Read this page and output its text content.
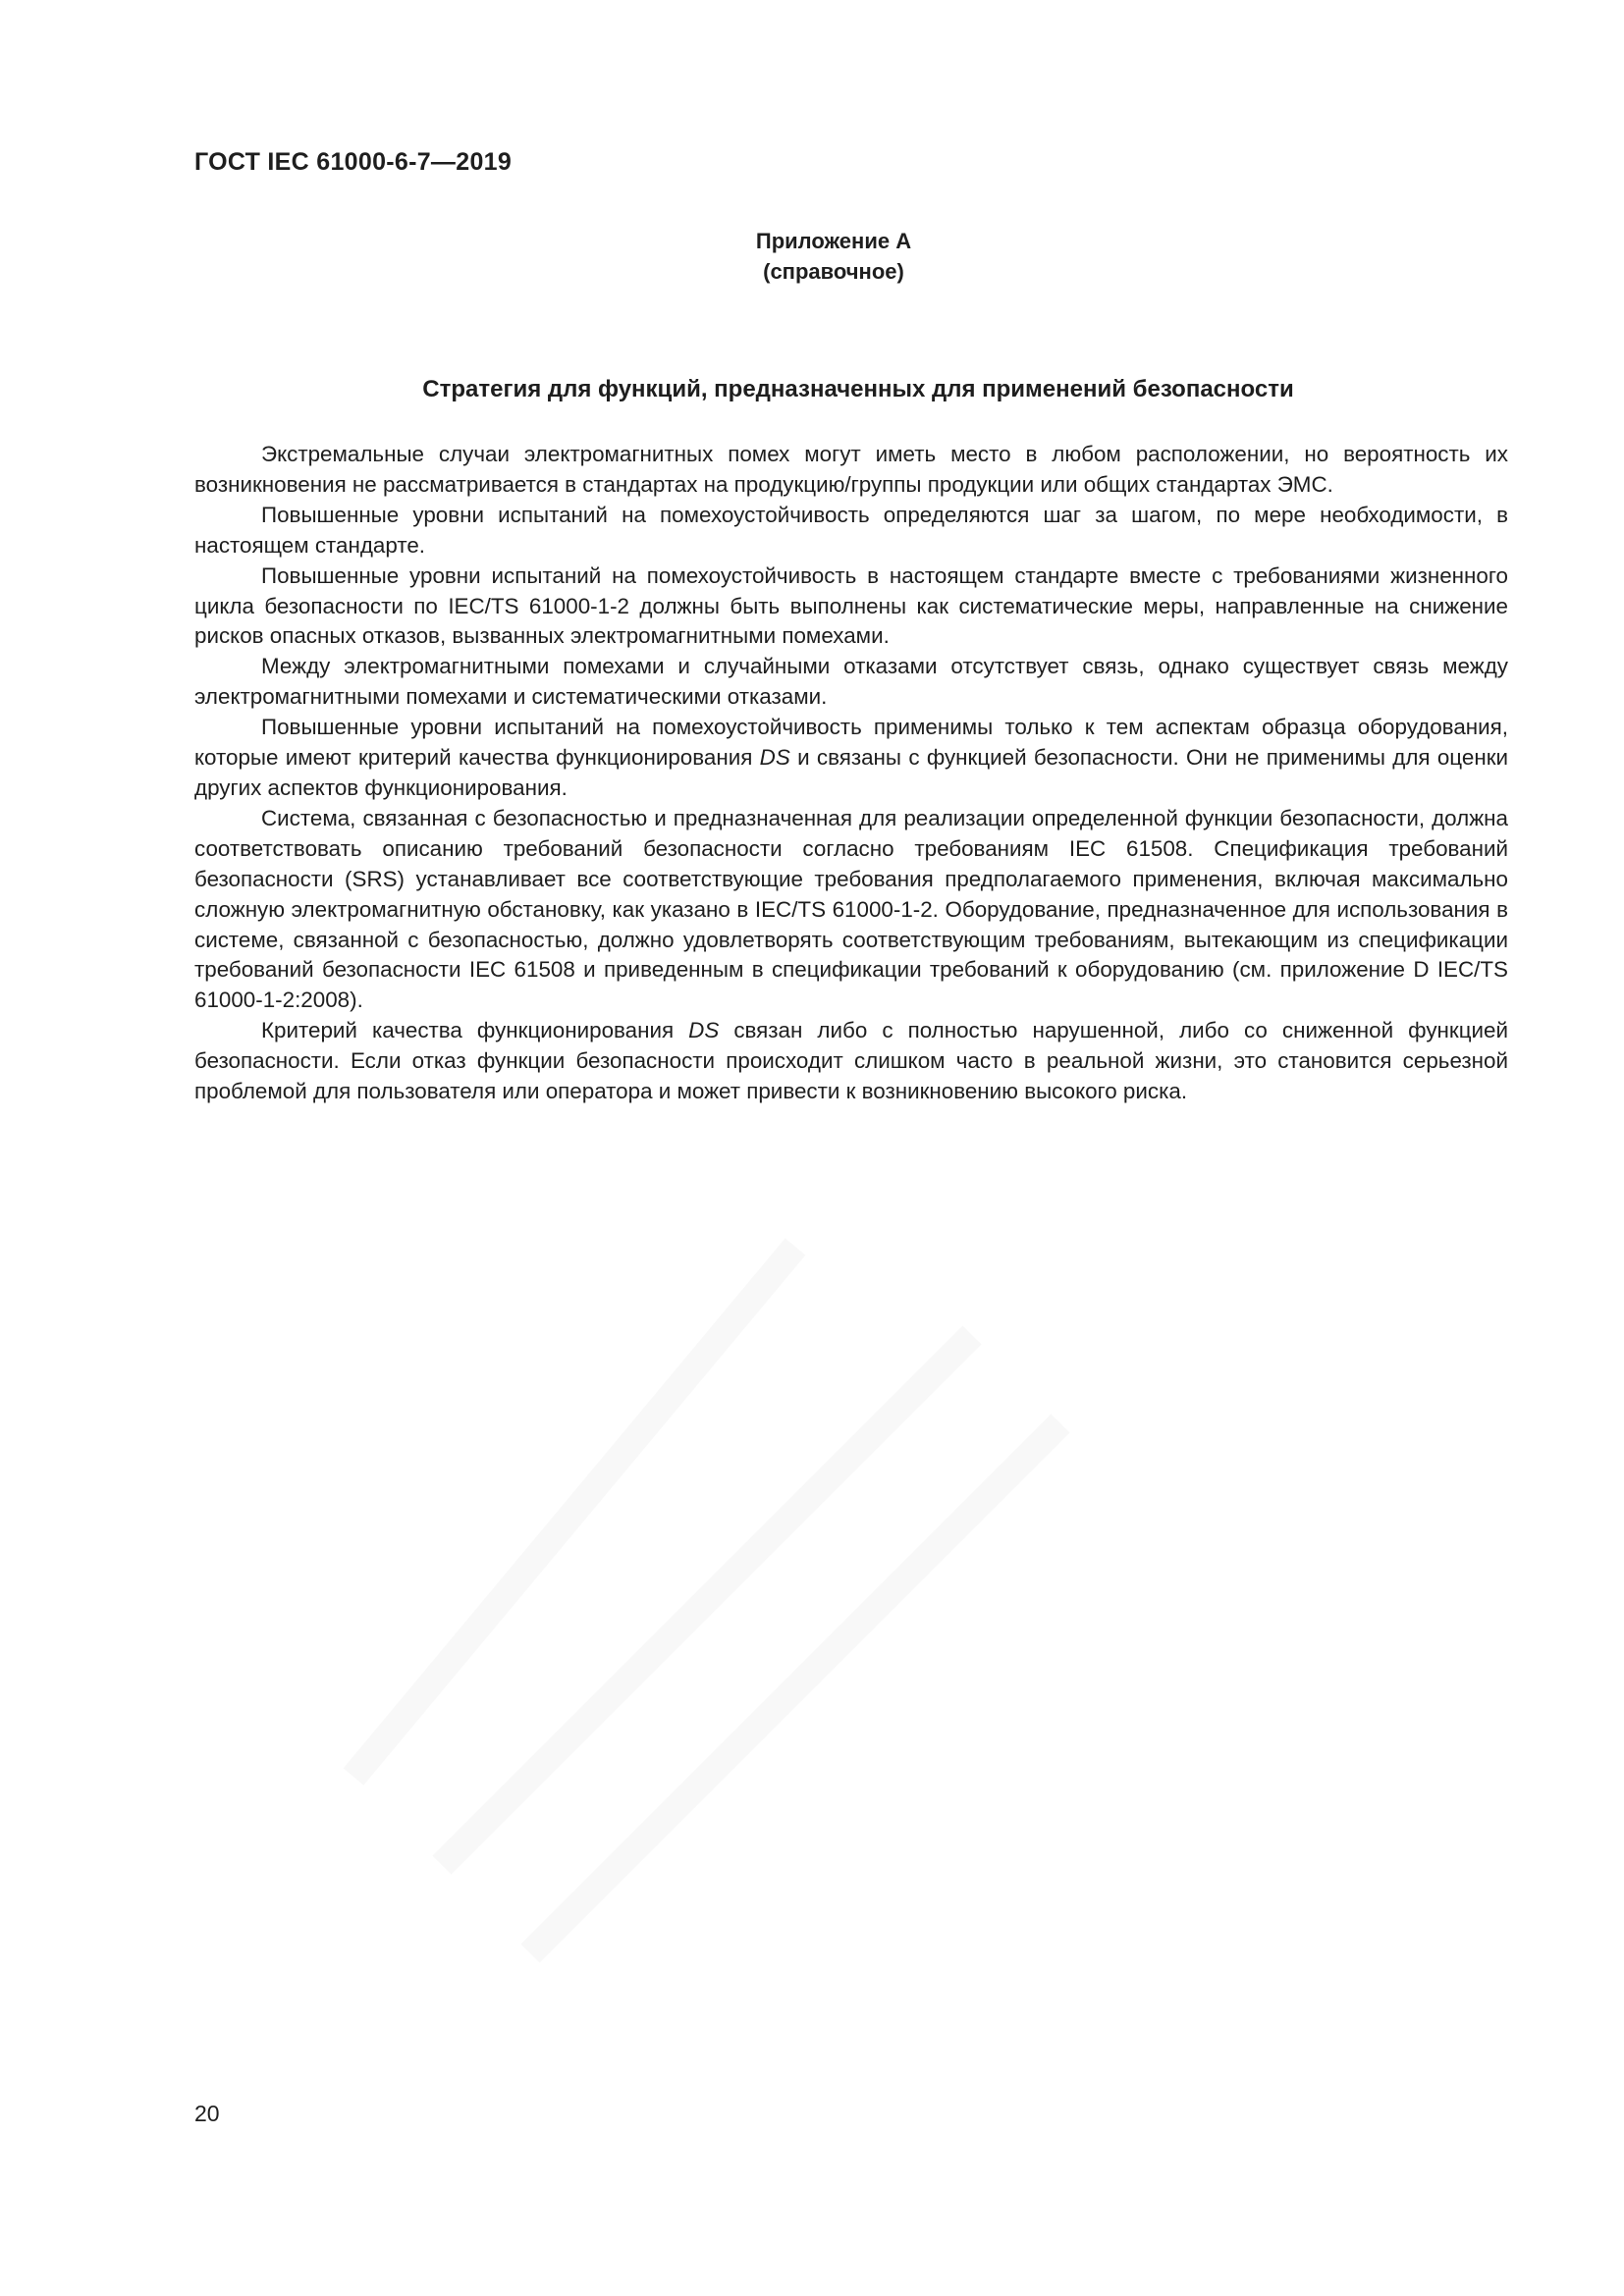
ГОСТ IEC 61000-6-7—2019
Приложение А
(справочное)
Стратегия для функций, предназначенных для применений безопасности

Экстремальные случаи электромагнитных помех могут иметь место в любом расположении, но вероятность их возникновения не рассматривается в стандартах на продукцию/группы продукции или общих стандартах ЭМС.

Повышенные уровни испытаний на помехоустойчивость определяются шаг за шагом, по мере необходимости, в настоящем стандарте.

Повышенные уровни испытаний на помехоустойчивость в настоящем стандарте вместе с требованиями жизненного цикла безопасности по IEC/TS 61000-1-2 должны быть выполнены как систематические меры, направленные на снижение рисков опасных отказов, вызванных электромагнитными помехами.

Между электромагнитными помехами и случайными отказами отсутствует связь, однако существует связь между электромагнитными помехами и систематическими отказами.

Повышенные уровни испытаний на помехоустойчивость применимы только к тем аспектам образца оборудования, которые имеют критерий качества функционирования DS и связаны с функцией безопасности. Они не применимы для оценки других аспектов функционирования.

Система, связанная с безопасностью и предназначенная для реализации определенной функции безопасности, должна соответствовать описанию требований безопасности согласно требованиям IEC 61508. Спецификация требований безопасности (SRS) устанавливает все соответствующие требования предполагаемого применения, включая максимально сложную электромагнитную обстановку, как указано в IEC/TS 61000-1-2. Оборудование, предназначенное для использования в системе, связанной с безопасностью, должно удовлетворять соответствующим требованиям, вытекающим из спецификации требований безопасности IEC 61508 и приведенным в спецификации требований к оборудованию (см. приложение D IEC/TS 61000-1-2:2008).

Критерий качества функционирования DS связан либо с полностью нарушенной, либо со сниженной функцией безопасности. Если отказ функции безопасности происходит слишком часто в реальной жизни, это становится серьезной проблемой для пользователя или оператора и может привести к возникновению высокого риска.

20
